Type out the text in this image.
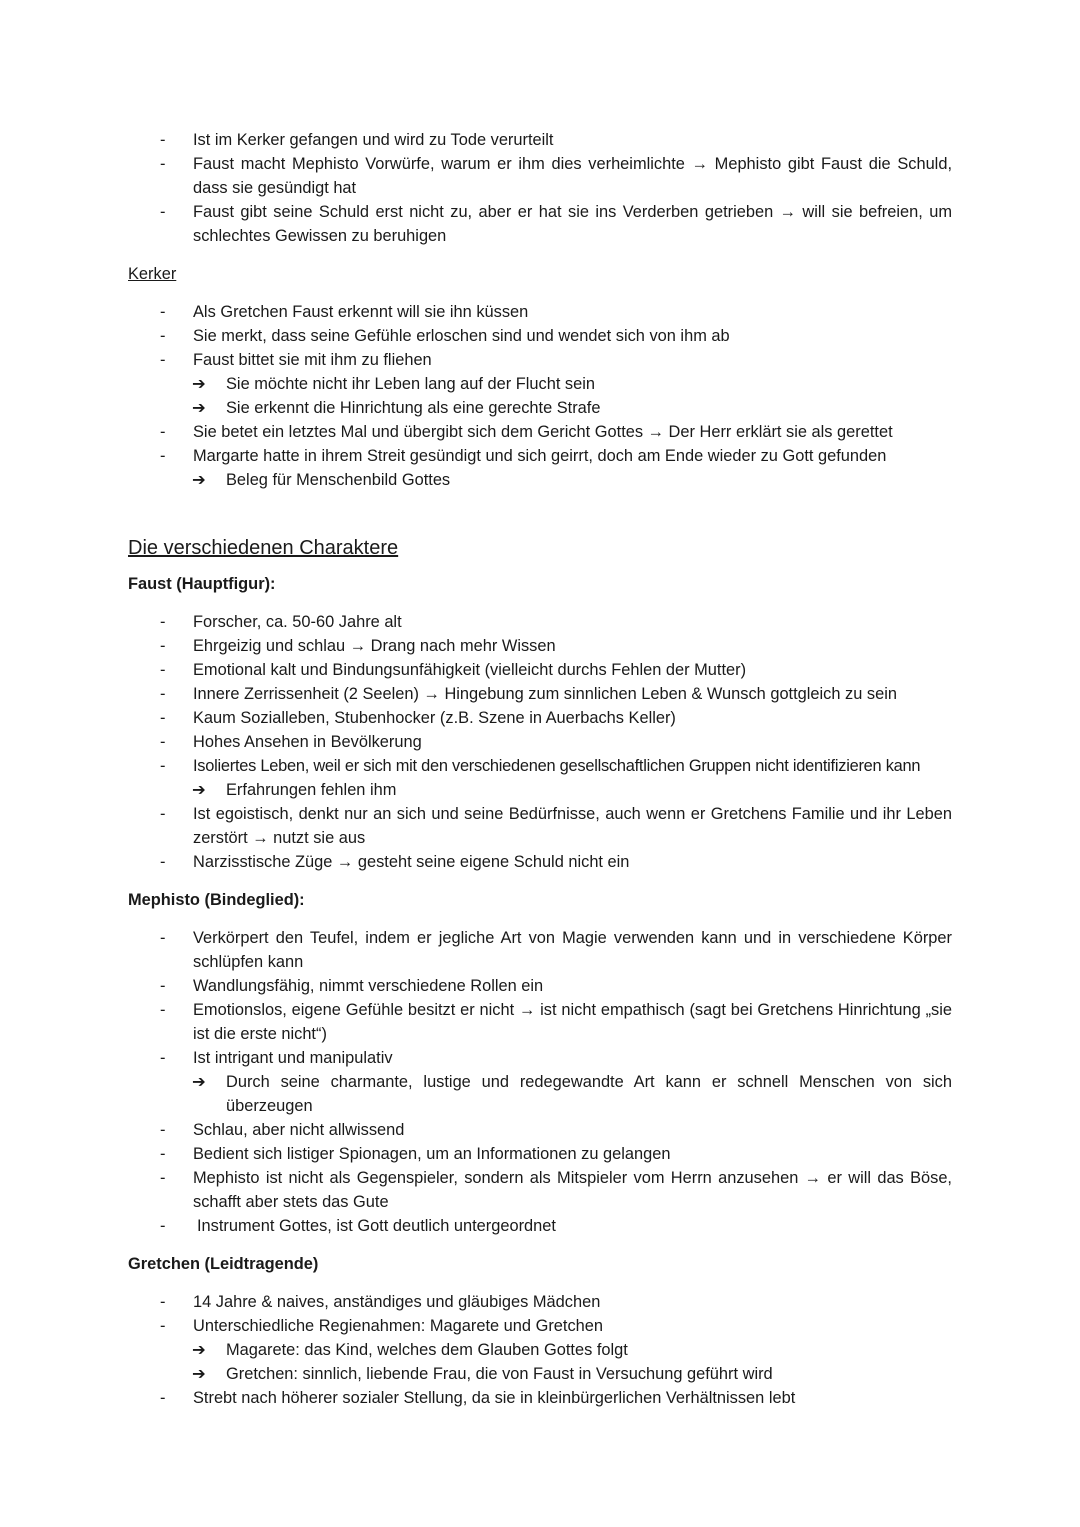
- Ist im Kerker gefangen und wird zu Tode verurteilt
- Faust macht Mephisto Vorwürfe, warum er ihm dies verheimlichte → Mephisto gibt Faust die Schuld, dass sie gesündigt hat
- Faust gibt seine Schuld erst nicht zu, aber er hat sie ins Verderben getrieben → will sie befreien, um schlechtes Gewissen zu beruhigen

Kerker

- Als Gretchen Faust erkennt will sie ihn küssen
- Sie merkt, dass seine Gefühle erloschen sind und wendet sich von ihm ab
- Faust bittet sie mit ihm zu fliehen
➔ Sie möchte nicht ihr Leben lang auf der Flucht sein
➔ Sie erkennt die Hinrichtung als eine gerechte Strafe
- Sie betet ein letztes Mal und übergibt sich dem Gericht Gottes → Der Herr erklärt sie als gerettet
- Margarte hatte in ihrem Streit gesündigt und sich geirrt, doch am Ende wieder zu Gott gefunden
➔ Beleg für Menschenbild Gottes

Die verschiedenen Charaktere

Faust (Hauptfigur):

- Forscher, ca. 50-60 Jahre alt
- Ehrgeizig und schlau → Drang nach mehr Wissen
- Emotional kalt und Bindungsunfähigkeit (vielleicht durchs Fehlen der Mutter)
- Innere Zerrissenheit (2 Seelen) → Hingebung zum sinnlichen Leben & Wunsch gottgleich zu sein
- Kaum Sozialleben, Stubenhocker (z.B. Szene in Auerbachs Keller)
- Hohes Ansehen in Bevölkerung
- Isoliertes Leben, weil er sich mit den verschiedenen gesellschaftlichen Gruppen nicht identifizieren kann
➔ Erfahrungen fehlen ihm
- Ist egoistisch, denkt nur an sich und seine Bedürfnisse, auch wenn er Gretchens Familie und ihr Leben zerstört → nutzt sie aus
- Narzisstische Züge → gesteht seine eigene Schuld nicht ein

Mephisto (Bindeglied):

- Verkörpert den Teufel, indem er jegliche Art von Magie verwenden kann und in verschiedene Körper schlüpfen kann
- Wandlungsfähig, nimmt verschiedene Rollen ein
- Emotionslos, eigene Gefühle besitzt er nicht → ist nicht empathisch (sagt bei Gretchens Hinrichtung „sie ist die erste nicht“)
- Ist intrigant und manipulativ
➔ Durch seine charmante, lustige und redegewandte Art kann er schnell Menschen von sich überzeugen
- Schlau, aber nicht allwissend
- Bedient sich listiger Spionagen, um an Informationen zu gelangen
- Mephisto ist nicht als Gegenspieler, sondern als Mitspieler vom Herrn anzusehen → er will das Böse, schafft aber stets das Gute
- Instrument Gottes, ist Gott deutlich untergeordnet

Gretchen (Leidtragende)

- 14 Jahre & naives, anständiges und gläubiges Mädchen
- Unterschiedliche Regienahmen: Magarete und Gretchen
➔ Magarete: das Kind, welches dem Glauben Gottes folgt
➔ Gretchen: sinnlich, liebende Frau, die von Faust in Versuchung geführt wird
- Strebt nach höherer sozialer Stellung, da sie in kleinbürgerlichen Verhältnissen lebt
